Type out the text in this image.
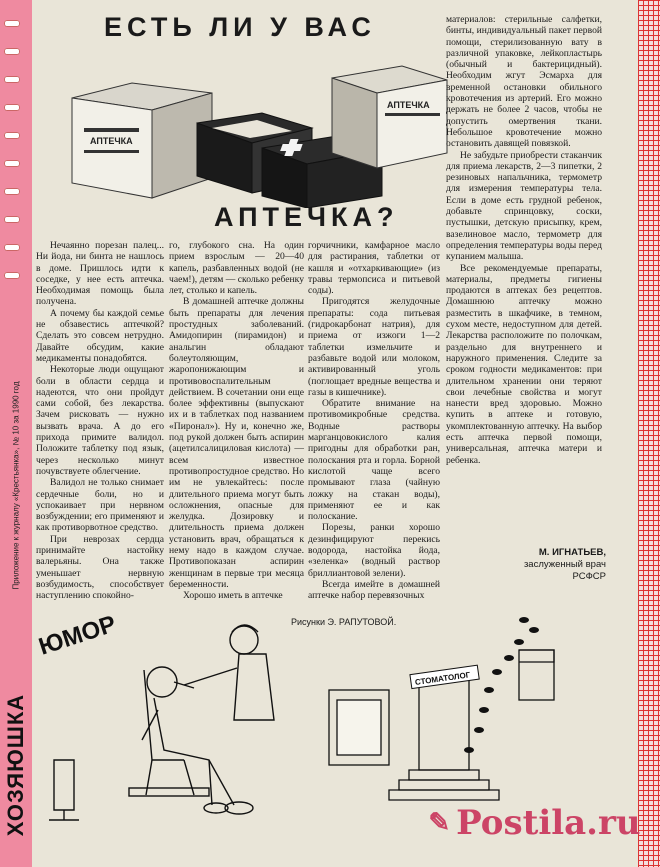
Приложение к журналу «Крестьянка», № 10 за 1990 год
ХОЗЯЮШКА
ЕСТЬ ЛИ У ВАС
АПТЕЧКА
АПТЕЧКА
АПТЕЧКА?

Нечаянно порезан палец... Ни йода, ни бинта не нашлось в доме. Пришлось идти к соседке, у нее есть аптечка. Необходимая помощь была получена.

А почему бы каждой семье не обзавестись аптечкой? Сделать это совсем нетрудно. Давайте обсудим, какие медикаменты понадобятся.

Некоторые люди ощущают боли в области сердца и надеются, что они пройдут сами собой, без лекарства. Зачем рисковать — нужно вызвать врача. А до его прихода примите валидол. Положите таблетку под язык, через несколько минут почувствуете облегчение.

Валидол не только снимает сердечные боли, но и успокаивает при нервном возбуждении; его применяют и как противорвотное средство.

При неврозах сердца принимайте настойку валерьяны. Она также уменьшает нервную возбудимость, способствует наступлению спокойно-

го, глубокого сна. На один прием взрослым — 20—40 капель, разбавленных водой (не чаем!), детям — сколько ребенку лет, столько и капель.

В домашней аптечке должны быть препараты для лечения простудных заболеваний. Амидопирин (пирамидон) и анальгин обладают болеутоляющим, жаропонижающим и противовоспалительным действием. В сочетании они еще более эффективны (выпускают их и в таблетках под названием «Пиронал»). Ну и, конечно же, под рукой должен быть аспирин (ацетилсалициловая кислота) — всем известное противопростудное средство. Но им не увлекайтесь: после длительного приема могут быть осложнения, опасные для желудка. Дозировку и длительность приема должен установить врач, обращаться к нему надо в каждом случае. Противопоказан аспирин женщинам в первые три месяца беременности.

Хорошо иметь в аптечке

горчичники, камфарное масло для растирания, таблетки от кашля и «отхаркивающие» (из травы термопсиса и питьевой соды).

Пригодятся желудочные препараты: сода питьевая (гидрокарбонат натрия), для приема от изжоги 1—2 таблетки измельчите и разбавьте водой или молоком, активированный уголь (поглощает вредные вещества и газы в кишечнике).

Обратите внимание на противомикробные средства. Водные растворы марганцовокислого калия пригодны для обработки ран, полоскания рта и горла. Борной кислотой чаще всего промывают глаза (чайную ложку на стакан воды), применяют ее и как полоскание.

Порезы, ранки хорошо дезинфицируют перекись водорода, настойка йода, «зеленка» (водный раствор бриллиантовой зелени).

Всегда имейте в домашней аптечке набор перевязочных

материалов: стерильные салфетки, бинты, индивидуальный пакет первой помощи, стерилизованную вату в различной упаковке, лейкопластырь (обычный и бактерицидный). Необходим жгут Эсмарха для временной остановки обильного кровотечения из артерий. Его можно держать не более 2 часов, чтобы не допустить омертвения ткани. Небольшое кровотечение можно остановить давящей повязкой.

Не забудьте приобрести стаканчик для приема лекарств, 2—3 пипетки, 2 резиновых напальчника, термометр для измерения температуры тела. Если в доме есть грудной ребенок, добавьте спринцовку, соски, пустышки, детскую присыпку, крем, вазелиновое масло, термометр для определения температуры воды перед купанием малыша.

Все рекомендуемые препараты, материалы, предметы гигиены продаются в аптеках без рецептов. Домашнюю аптечку можно разместить в шкафчике, в темном, сухом месте, недоступном для детей. Лекарства расположите по полочкам, раздельно для внутреннего и наружного применения. Следите за сроком годности медикаментов: при длительном хранении они теряют свои лечебные свойства и могут нанести вред здоровью. Можно купить в аптеке и готовую, укомплектованную аптечку. На выбор есть аптечка первой помощи, универсальная, аптечка матери и ребенка.

М. ИГНАТЬЕВ,
заслуженный врач РСФСР
Рисунки Э. РАПУТОВОЙ.
ЮМОР
СТОМАТОЛОГ
✎ Postila.ru
